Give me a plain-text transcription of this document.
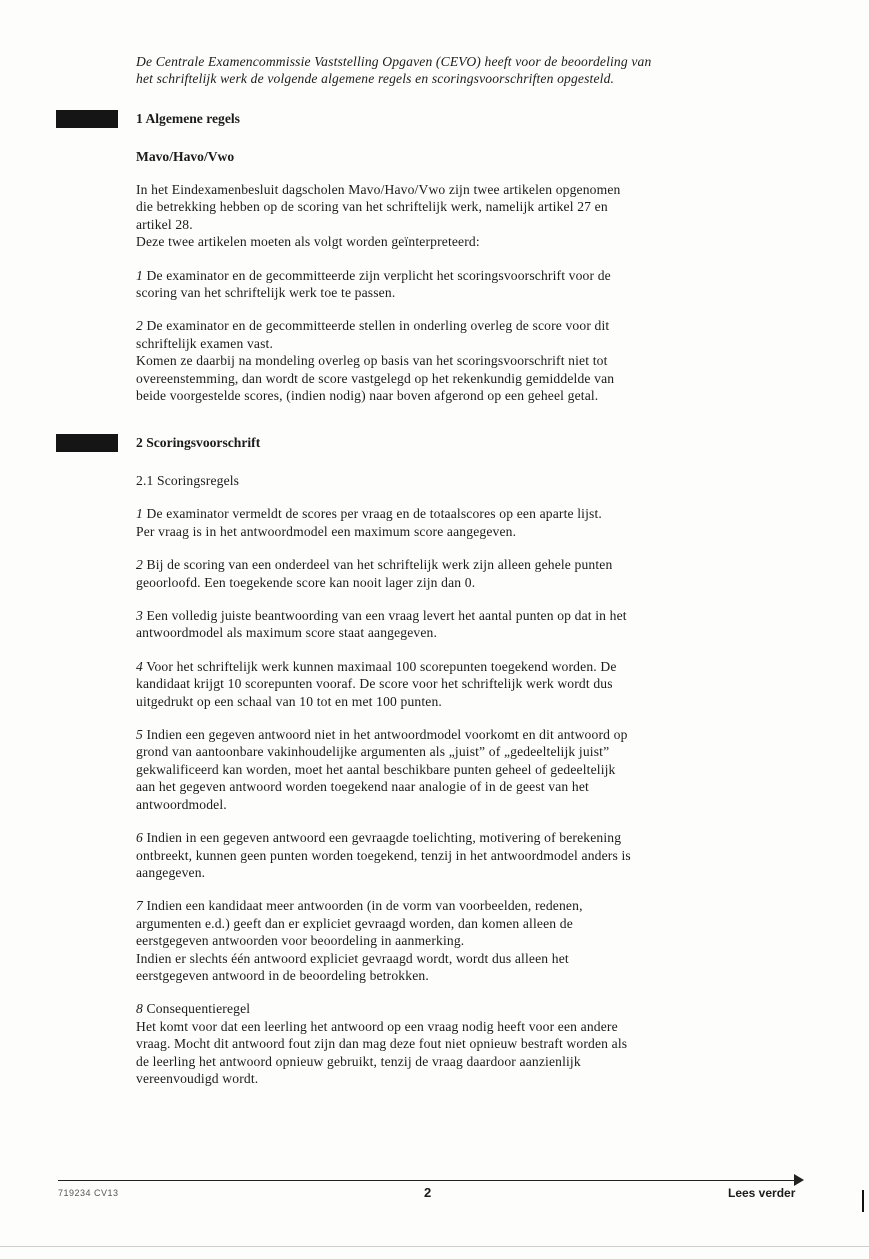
De Centrale Examencommissie Vaststelling Opgaven (CEVO) heeft voor de beoordeling van
het schriftelijk werk de volgende algemene regels en scoringsvoorschriften opgesteld.
1 Algemene regels
Mavo/Havo/Vwo

In het Eindexamenbesluit dagscholen Mavo/Havo/Vwo zijn twee artikelen opgenomen
die betrekking hebben op de scoring van het schriftelijk werk, namelijk artikel 27 en
artikel 28.
Deze twee artikelen moeten als volgt worden geïnterpreteerd:

1 De examinator en de gecommitteerde zijn verplicht het scoringsvoorschrift voor de
scoring van het schriftelijk werk toe te passen.

2 De examinator en de gecommitteerde stellen in onderling overleg de score voor dit
schriftelijk examen vast.
Komen ze daarbij na mondeling overleg op basis van het scoringsvoorschrift niet tot
overeenstemming, dan wordt de score vastgelegd op het rekenkundig gemiddelde van
beide voorgestelde scores, (indien nodig) naar boven afgerond op een geheel getal.

2 Scoringsvoorschrift

2.1 Scoringsregels

1 De examinator vermeldt de scores per vraag en de totaalscores op een aparte lijst.
Per vraag is in het antwoordmodel een maximum score aangegeven.

2 Bij de scoring van een onderdeel van het schriftelijk werk zijn alleen gehele punten
geoorloofd. Een toegekende score kan nooit lager zijn dan 0.

3 Een volledig juiste beantwoording van een vraag levert het aantal punten op dat in het
antwoordmodel als maximum score staat aangegeven.

4 Voor het schriftelijk werk kunnen maximaal 100 scorepunten toegekend worden. De
kandidaat krijgt 10 scorepunten vooraf. De score voor het schriftelijk werk wordt dus
uitgedrukt op een schaal van 10 tot en met 100 punten.

5 Indien een gegeven antwoord niet in het antwoordmodel voorkomt en dit antwoord op
grond van aantoonbare vakinhoudelijke argumenten als „juist” of „gedeeltelijk juist”
gekwalificeerd kan worden, moet het aantal beschikbare punten geheel of gedeeltelijk
aan het gegeven antwoord worden toegekend naar analogie of in de geest van het
antwoordmodel.

6 Indien in een gegeven antwoord een gevraagde toelichting, motivering of berekening
ontbreekt, kunnen geen punten worden toegekend, tenzij in het antwoordmodel anders is
aangegeven.

7 Indien een kandidaat meer antwoorden (in de vorm van voorbeelden, redenen,
argumenten e.d.) geeft dan er expliciet gevraagd worden, dan komen alleen de
eerstgegeven antwoorden voor beoordeling in aanmerking.
Indien er slechts één antwoord expliciet gevraagd wordt, wordt dus alleen het
eerstgegeven antwoord in de beoordeling betrokken.

8 Consequentieregel
Het komt voor dat een leerling het antwoord op een vraag nodig heeft voor een andere
vraag. Mocht dit antwoord fout zijn dan mag deze fout niet opnieuw bestraft worden als
de leerling het antwoord opnieuw gebruikt, tenzij de vraag daardoor aanzienlijk
vereenvoudigd wordt.

719234 CV13	2	Lees verder
